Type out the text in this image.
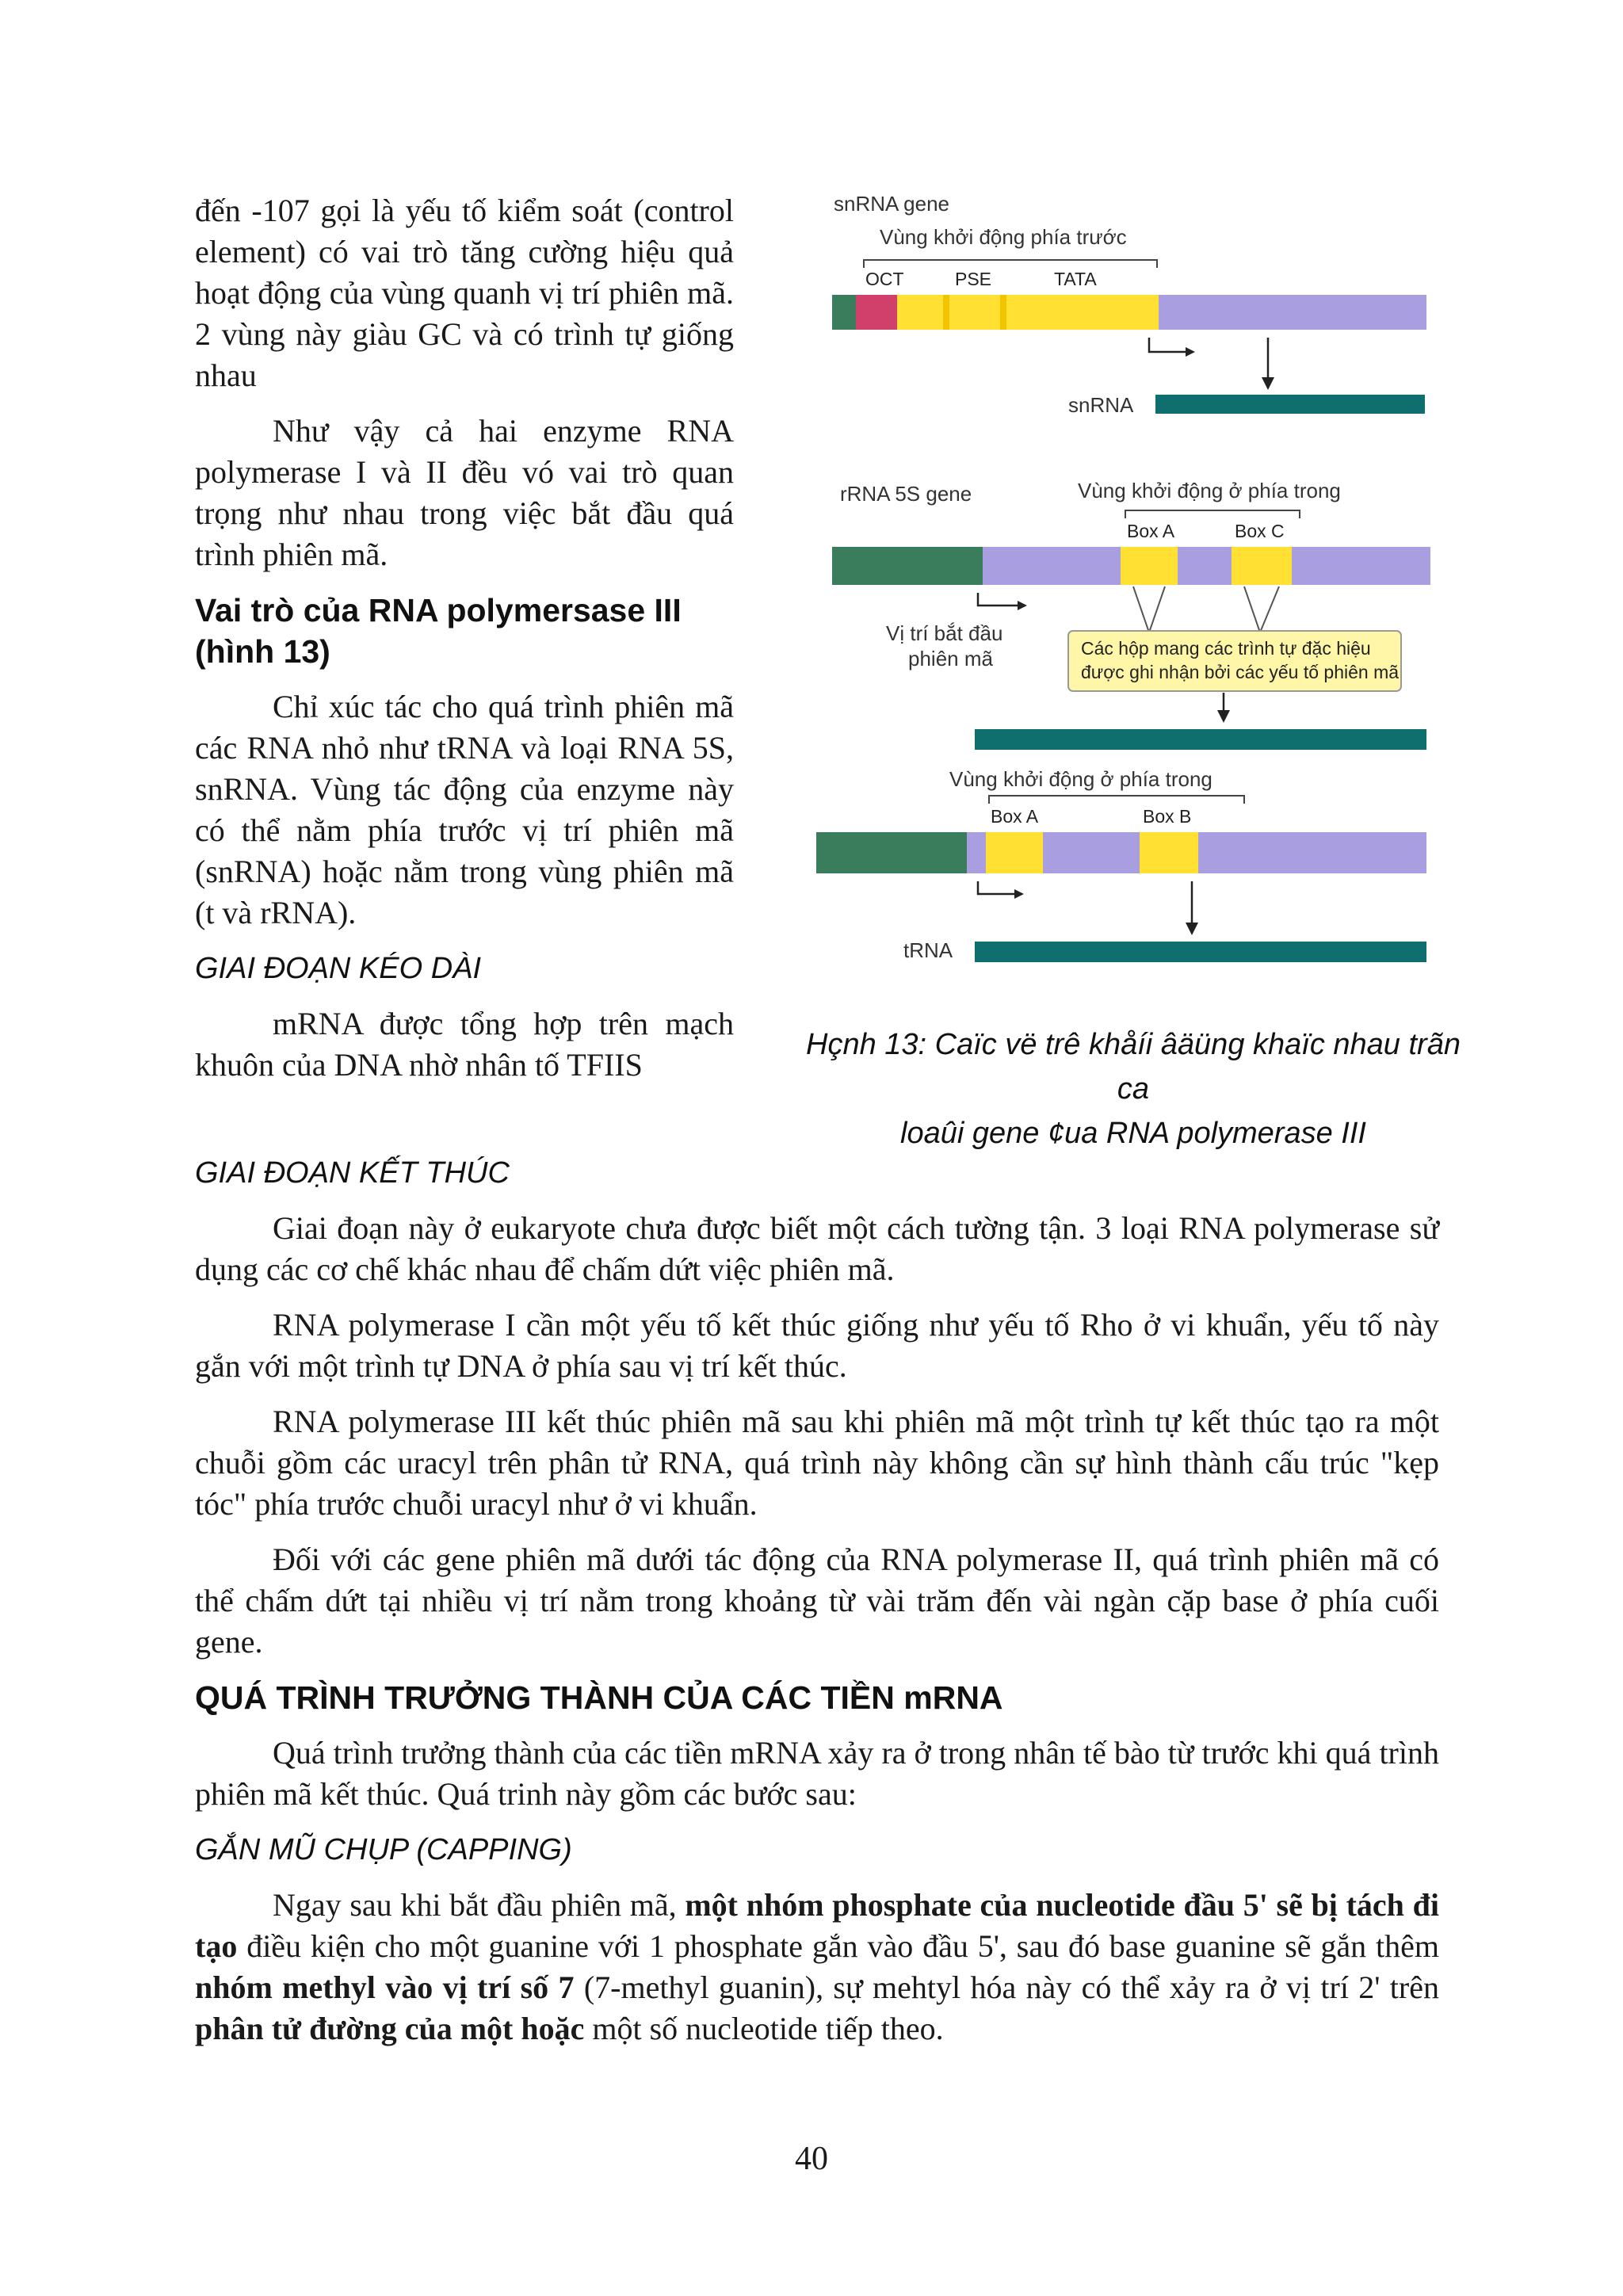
đến -107 gọi là yếu tố kiểm soát (control element) có vai trò tăng cường hiệu quả hoạt động của vùng quanh vị trí phiên mã. 2 vùng này giàu GC và có trình tự giống nhau

Như vậy cả hai enzyme RNA polymerase I và II đều vó vai trò quan trọng như nhau trong việc bắt đầu quá trình phiên mã.

Vai trò của RNA polymersase III
(hình 13)

Chỉ xúc tác cho quá trình phiên mã các RNA nhỏ như tRNA và loại RNA 5S, snRNA. Vùng tác động của enzyme này có thể nằm phía trước vị trí phiên mã (snRNA) hoặc nằm trong vùng phiên mã (t và rRNA).

GIAI ĐOẠN KÉO DÀI

mRNA được tổng hợp trên mạch khuôn của DNA nhờ nhân tố TFIIS

snRNA gene
Vùng khởi động phía trước
OCT	PSE	TATA
snRNA
rRNA 5S gene	Vùng khởi động ở phía trong
Box A	Box C
Vị trí bắt đầu
phiên mã	Các hộp mang các trình tự đặc hiệu
được ghi nhận bởi các yếu tố phiên mã
Vùng khởi động ở phía trong
Box A	Box B
tRNA
Hçnh 13: Caïc vë trê khåíi âäüng khaïc nhau trãn ca
loaûi gene ¢ua RNA polymerase III

GIAI ĐOẠN KẾT THÚC

Giai đoạn này ở eukaryote chưa được biết một cách tường tận. 3 loại RNA polymerase sử dụng các cơ chế khác nhau để chấm dứt việc phiên mã.

RNA polymerase I cần một yếu tố kết thúc giống như yếu tố Rho ở vi khuẩn, yếu tố này gắn với một trình tự DNA ở phía sau vị trí kết thúc.

RNA polymerase III kết thúc phiên mã sau khi phiên mã một trình tự kết thúc tạo ra một chuỗi gồm các uracyl trên phân tử RNA, quá trình này không cần sự hình thành cấu trúc "kẹp tóc" phía trước chuỗi uracyl như ở vi khuẩn.

Đối với các gene phiên mã dưới tác động của RNA polymerase II, quá trình phiên mã có thể chấm dứt tại nhiều vị trí nằm trong khoảng từ vài trăm đến vài ngàn cặp base ở phía cuối gene.

QUÁ TRÌNH TRƯỞNG THÀNH CỦA CÁC TIỀN mRNA

Quá trình trưởng thành của các tiền mRNA xảy ra ở trong nhân tế bào từ trước khi quá trình phiên mã kết thúc. Quá trinh này gồm các bước sau:

GẮN MŨ CHỤP (CAPPING)

Ngay sau khi bắt đầu phiên mã, một nhóm phosphate của nucleotide đầu 5' sẽ bị tách đi tạo điều kiện cho một guanine với 1 phosphate gắn vào đầu 5', sau đó base guanine sẽ gắn thêm nhóm methyl vào vị trí số 7 (7-methyl guanin), sự mehtyl hóa này có thể xảy ra ở vị trí 2' trên phân tử đường của một hoặc một số nucleotide tiếp theo.

40
